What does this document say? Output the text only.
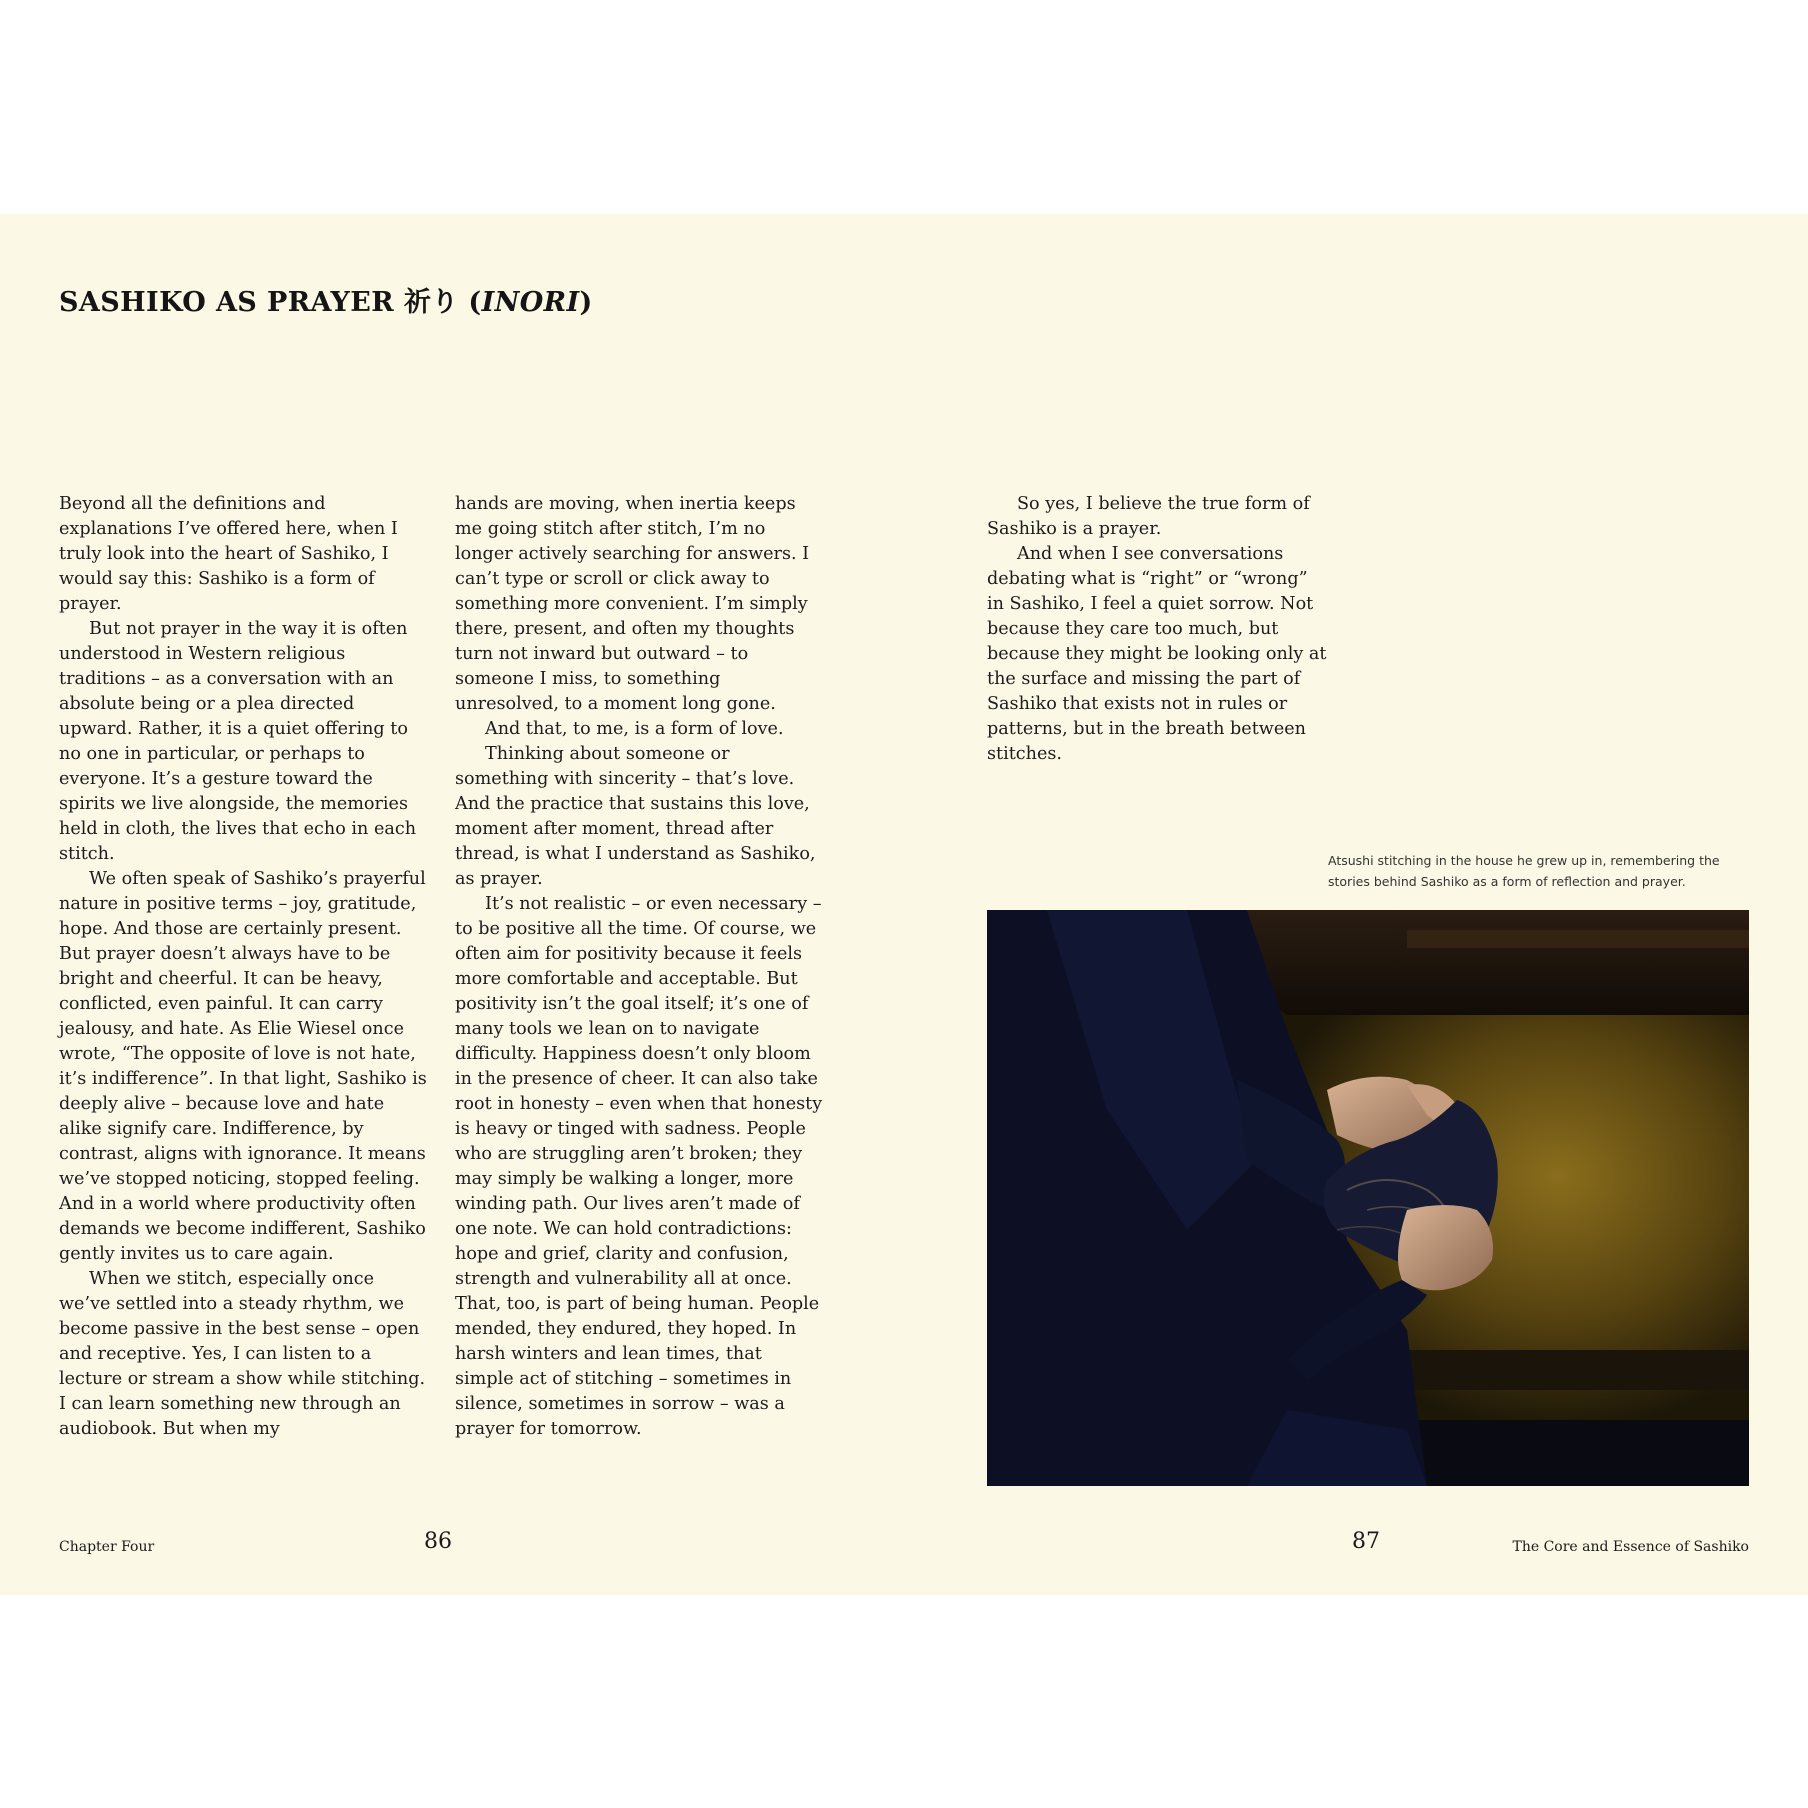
SASHIKO AS PRAYER 祈り (INORI)

Beyond all the definitions and explanations I’ve offered here, when I truly look into the heart of Sashiko, I would say this: Sashiko is a form of prayer.

But not prayer in the way it is often understood in Western religious traditions – as a conversation with an absolute being or a plea directed upward. Rather, it is a quiet offering to no one in particular, or perhaps to everyone. It’s a gesture toward the spirits we live alongside, the memories held in cloth, the lives that echo in each stitch.

We often speak of Sashiko’s prayerful nature in positive terms – joy, gratitude, hope. And those are certainly present. But prayer doesn’t always have to be bright and cheerful. It can be heavy, conflicted, even painful. It can carry jealousy, and hate. As Elie Wiesel once wrote, “The opposite of love is not hate, it’s indifference”. In that light, Sashiko is deeply alive – because love and hate alike signify care. Indifference, by contrast, aligns with ignorance. It means we’ve stopped noticing, stopped feeling. And in a world where productivity often demands we become indifferent, Sashiko gently invites us to care again.

When we stitch, especially once we’ve settled into a steady rhythm, we become passive in the best sense – open and receptive. Yes, I can listen to a lecture or stream a show while stitching. I can learn something new through an audiobook. But when my

hands are moving, when inertia keeps me going stitch after stitch, I’m no longer actively searching for answers. I can’t type or scroll or click away to something more convenient. I’m simply there, present, and often my thoughts turn not inward but outward – to someone I miss, to something unresolved, to a moment long gone.

And that, to me, is a form of love.

Thinking about someone or something with sincerity – that’s love. And the practice that sustains this love, moment after moment, thread after thread, is what I understand as Sashiko, as prayer.

It’s not realistic – or even necessary – to be positive all the time. Of course, we often aim for positivity because it feels more comfortable and acceptable. But positivity isn’t the goal itself; it’s one of many tools we lean on to navigate difficulty. Happiness doesn’t only bloom in the presence of cheer. It can also take root in honesty – even when that honesty is heavy or tinged with sadness. People who are struggling aren’t broken; they may simply be walking a longer, more winding path. Our lives aren’t made of one note. We can hold contradictions: hope and grief, clarity and confusion, strength and vulnerability all at once. That, too, is part of being human. People mended, they endured, they hoped. In harsh winters and lean times, that simple act of stitching – sometimes in silence, sometimes in sorrow – was a prayer for tomorrow.

So yes, I believe the true form of Sashiko is a prayer.

And when I see conversations debating what is “right” or “wrong” in Sashiko, I feel a quiet sorrow. Not because they care too much, but because they might be looking only at the surface and missing the part of Sashiko that exists not in rules or patterns, but in the breath between stitches.

Atsushi stitching in the house he grew up in, remembering the stories behind Sashiko as a form of reflection and prayer.
Chapter Four	86	87	The Core and Essence of Sashiko
